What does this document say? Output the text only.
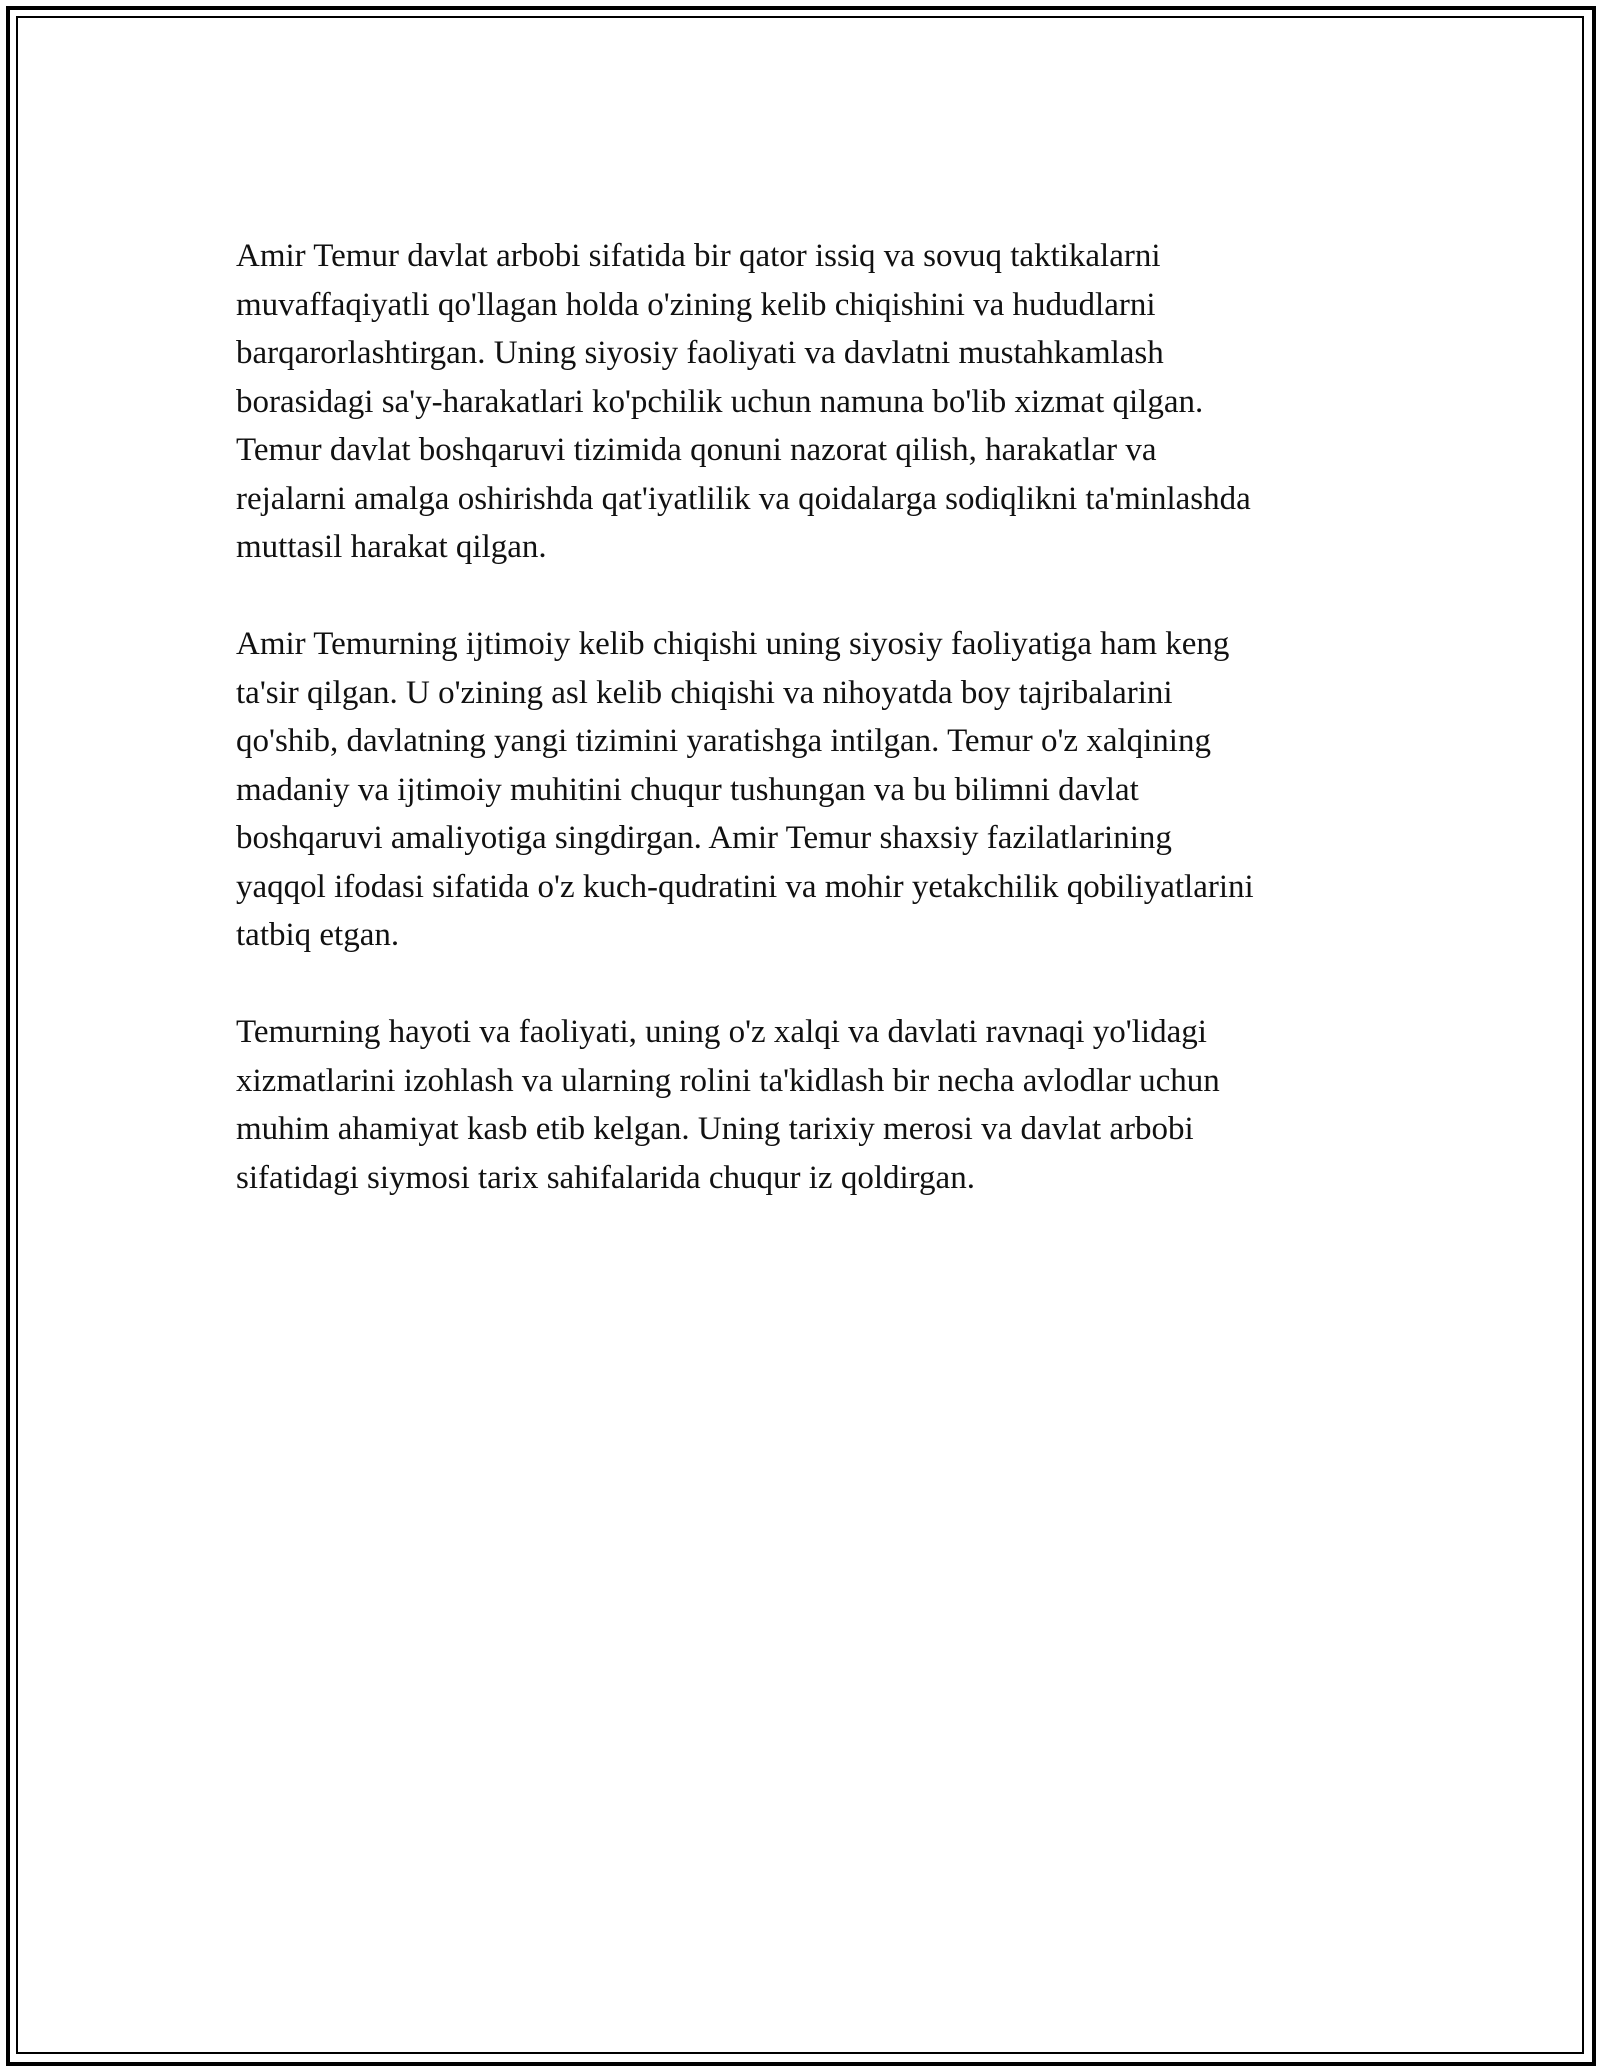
Amir Temur davlat arbobi sifatida bir qator issiq va sovuq taktikalarni
muvaffaqiyatli qo'llagan holda o'zining kelib chiqishini va hududlarni
barqarorlashtirgan. Uning siyosiy faoliyati va davlatni mustahkamlash
borasidagi sa'y-harakatlari ko'pchilik uchun namuna bo'lib xizmat qilgan.
Temur davlat boshqaruvi tizimida qonuni nazorat qilish, harakatlar va
rejalarni amalga oshirishda qat'iyatlilik va qoidalarga sodiqlikni ta'minlashda
muttasil harakat qilgan.

Amir Temurning ijtimoiy kelib chiqishi uning siyosiy faoliyatiga ham keng
ta'sir qilgan. U o'zining asl kelib chiqishi va nihoyatda boy tajribalarini
qo'shib, davlatning yangi tizimini yaratishga intilgan. Temur o'z xalqining
madaniy va ijtimoiy muhitini chuqur tushungan va bu bilimni davlat
boshqaruvi amaliyotiga singdirgan. Amir Temur shaxsiy fazilatlarining
yaqqol ifodasi sifatida o'z kuch-qudratini va mohir yetakchilik qobiliyatlarini
tatbiq etgan.

Temurning hayoti va faoliyati, uning o'z xalqi va davlati ravnaqi yo'lidagi
xizmatlarini izohlash va ularning rolini ta'kidlash bir necha avlodlar uchun
muhim ahamiyat kasb etib kelgan. Uning tarixiy merosi va davlat arbobi
sifatidagi siymosi tarix sahifalarida chuqur iz qoldirgan.
